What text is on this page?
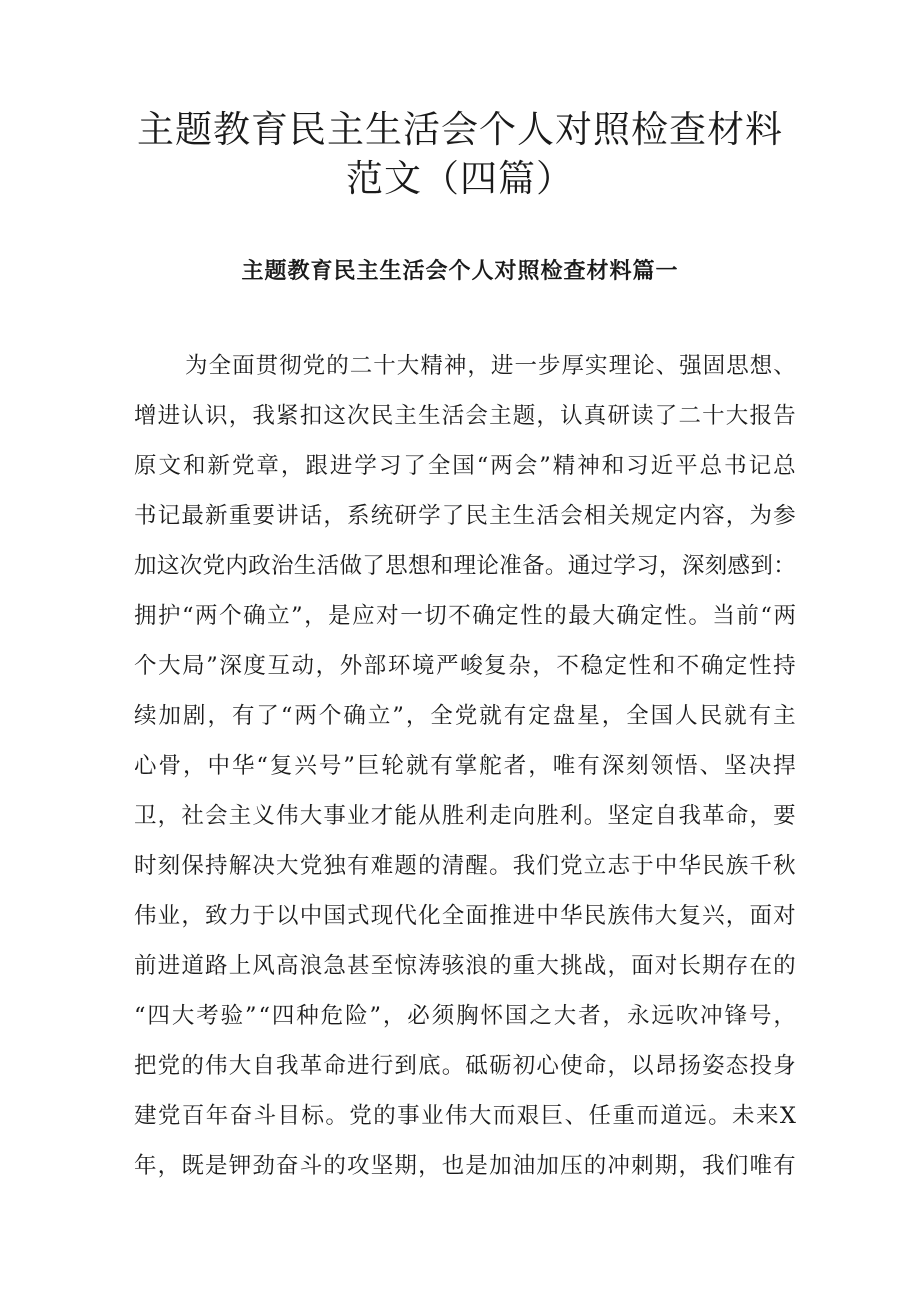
主题教育民主生活会个人对照检查材料
范文（四篇）
主题教育民主生活会个人对照检查材料篇一
为 全 面 贯 彻 党 的 二 十 大 精 神 ， 进 一 步 厚 实 理 论 、 强 固 思 想 、
增 进 认 识 ， 我 紧 扣 这 次 民 主 生 活 会 主 题 ， 认 真 研 读 了 二 十 大 报 告
原 文 和 新 党 章 ， 跟 进 学 习 了 全 国 “ 两 会 ” 精 神 和 习 近 平 总 书 记 总
书 记 最 新 重 要 讲 话 ， 系 统 研 学 了 民 主 生 活 会 相 关 规 定 内 容 ， 为 参
加 这 次 党 内 政 治 生 活 做 了 思 想 和 理 论 准 备 。 通 过 学 习 ， 深 刻 感 到 ：
拥 护 “ 两 个 确 立 ” ， 是 应 对 一 切 不 确 定 性 的 最 大 确 定 性 。 当 前 “ 两
个 大 局 ” 深 度 互 动 ， 外 部 环 境 严 峻 复 杂 ， 不 稳 定 性 和 不 确 定 性 持
续 加 剧 ， 有 了 “ 两 个 确 立 ” ， 全 党 就 有 定 盘 星 ， 全 国 人 民 就 有 主
心 骨 ， 中 华 “ 复 兴 号 ” 巨 轮 就 有 掌 舵 者 ， 唯 有 深 刻 领 悟 、 坚 决 捍
卫 ， 社 会 主 义 伟 大 事 业 才 能 从 胜 利 走 向 胜 利 。 坚 定 自 我 革 命 ， 要
时 刻 保 持 解 决 大 党 独 有 难 题 的 清 醒 。 我 们 党 立 志 于 中 华 民 族 千 秋
伟 业 ， 致 力 于 以 中 国 式 现 代 化 全 面 推 进 中 华 民 族 伟 大 复 兴 ， 面 对
前 进 道 路 上 风 高 浪 急 甚 至 惊 涛 骇 浪 的 重 大 挑 战 ， 面 对 长 期 存 在 的
“ 四 大 考 验 ” “ 四 种 危 险 ” ， 必 须 胸 怀 国 之 大 者 ， 永 远 吹 冲 锋 号 ，
把 党 的 伟 大 自 我 革 命 进 行 到 底 。 砥 砺 初 心 使 命 ， 以 昂 扬 姿 态 投 身
建 党 百 年 奋 斗 目 标 。 党 的 事 业 伟 大 而 艰 巨 、 任 重 而 道 远 。 未 来 X
年 ， 既 是 钾 劲 奋 斗 的 攻 坚 期 ， 也 是 加 油 加 压 的 冲 刺 期 ， 我 们 唯 有
